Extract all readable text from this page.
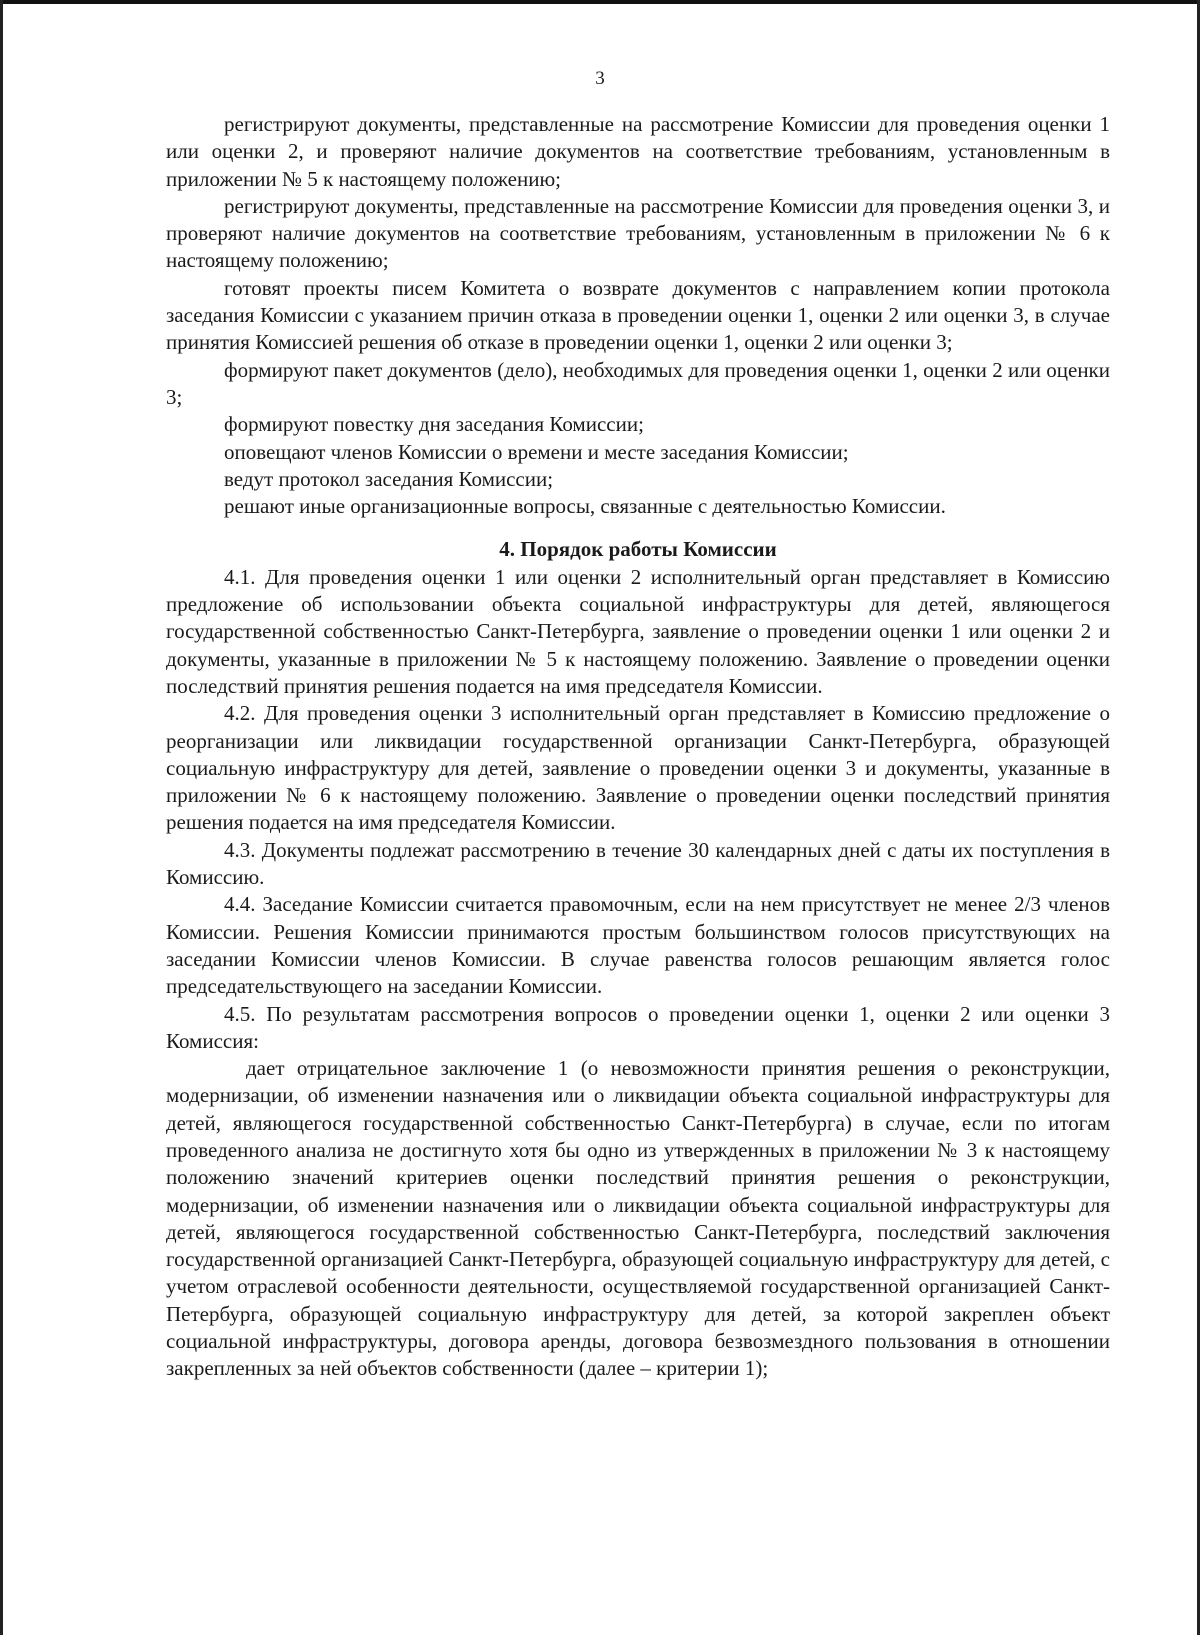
3

регистрируют документы, представленные на рассмотрение Комиссии для проведения оценки 1 или оценки 2, и проверяют наличие документов на соответствие требованиям, установленным в приложении № 5 к настоящему положению;

регистрируют документы, представленные на рассмотрение Комиссии для проведения оценки 3, и проверяют наличие документов на соответствие требованиям, установленным в приложении № 6 к настоящему положению;

готовят проекты писем Комитета о возврате документов с направлением копии протокола заседания Комиссии с указанием причин отказа в проведении оценки 1, оценки 2 или оценки 3, в случае принятия Комиссией решения об отказе в проведении оценки 1, оценки 2 или оценки 3;

формируют пакет документов (дело), необходимых для проведения оценки 1, оценки 2 или оценки 3;

формируют повестку дня заседания Комиссии;

оповещают членов Комиссии о времени и месте заседания Комиссии;

ведут протокол заседания Комиссии;

решают иные организационные вопросы, связанные с деятельностью Комиссии.

4. Порядок работы Комиссии

4.1. Для проведения оценки 1 или оценки 2 исполнительный орган представляет в Комиссию предложение об использовании объекта социальной инфраструктуры для детей, являющегося государственной собственностью Санкт-Петербурга, заявление о проведении оценки 1 или оценки 2 и документы, указанные в приложении № 5 к настоящему положению. Заявление о проведении оценки последствий принятия решения подается на имя председателя Комиссии.

4.2. Для проведения оценки 3 исполнительный орган представляет в Комиссию предложение о реорганизации или ликвидации государственной организации Санкт-Петербурга, образующей социальную инфраструктуру для детей, заявление о проведении оценки 3 и документы, указанные в приложении № 6 к настоящему положению. Заявление о проведении оценки последствий принятия решения подается на имя председателя Комиссии.

4.3. Документы подлежат рассмотрению в течение 30 календарных дней с даты их поступления в Комиссию.

4.4. Заседание Комиссии считается правомочным, если на нем присутствует не менее 2/3 членов Комиссии. Решения Комиссии принимаются простым большинством голосов присутствующих на заседании Комиссии членов Комиссии. В случае равенства голосов решающим является голос председательствующего на заседании Комиссии.

4.5. По результатам рассмотрения вопросов о проведении оценки 1, оценки 2 или оценки 3 Комиссия:

дает отрицательное заключение 1 (о невозможности принятия решения о реконструкции, модернизации, об изменении назначения или о ликвидации объекта социальной инфраструктуры для детей, являющегося государственной собственностью Санкт-Петербурга) в случае, если по итогам проведенного анализа не достигнуто хотя бы одно из утвержденных в приложении № 3 к настоящему положению значений критериев оценки последствий принятия решения о реконструкции, модернизации, об изменении назначения или о ликвидации объекта социальной инфраструктуры для детей, являющегося государственной собственностью Санкт-Петербурга, последствий заключения государственной организацией Санкт-Петербурга, образующей социальную инфраструктуру для детей, с учетом отраслевой особенности деятельности, осуществляемой государственной организацией Санкт-Петербурга, образующей социальную инфраструктуру для детей, за которой закреплен объект социальной инфраструктуры, договора аренды, договора безвозмездного пользования в отношении закрепленных за ней объектов собственности (далее – критерии 1);
